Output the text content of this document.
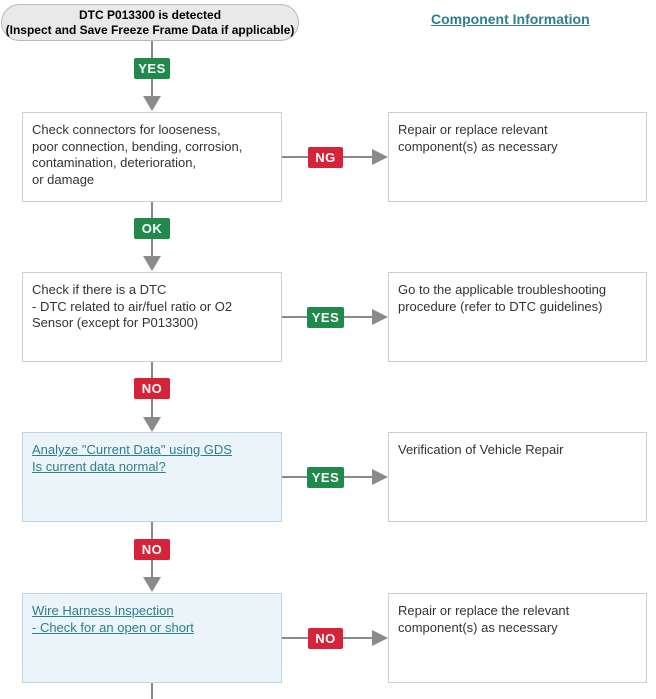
DTC P013300 is detected
(Inspect and Save Freeze Frame Data if applicable)
Component Information
YES
OK
NO
NO
NG
YES
YES
NO
Check connectors for looseness,
poor connection, bending, corrosion,
contamination, deterioration,
or damage
Check if there is a DTC
- DTC related to air/fuel ratio or O2
Sensor (except for P013300)
Analyze "Current Data" using GDS
Is current data normal?
Wire Harness Inspection
- Check for an open or short
Repair or replace relevant
component(s) as necessary
Go to the applicable troubleshooting
procedure (refer to DTC guidelines)
Verification of Vehicle Repair
Repair or replace the relevant
component(s) as necessary
